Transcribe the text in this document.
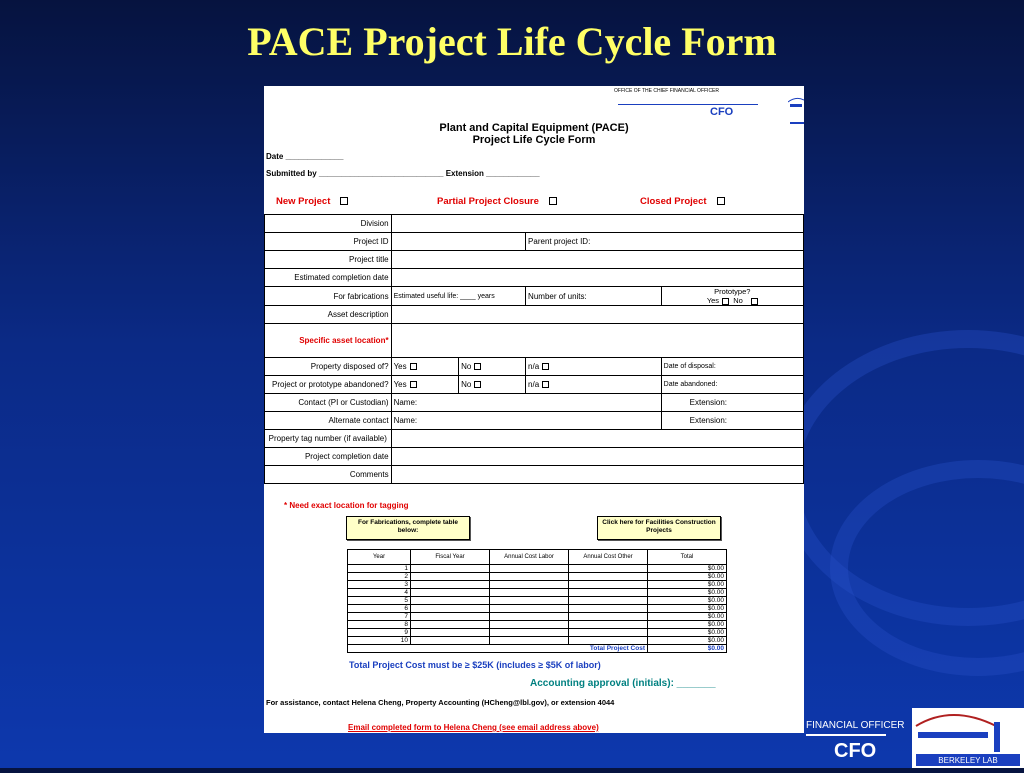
PACE Project Life Cycle Form
OFFICE OF THE CHIEF FINANCIAL OFFICER
CFO
Plant and Capital Equipment (PACE)
Project Life Cycle Form
Date _____________
Submitted by ____________________________ Extension ____________
New Project	Partial Project Closure	Closed Project
Division				
Project ID			Parent project ID:	
Project title				
Estimated completion date				
For fabrications	Estimated useful life: ____ years		Number of units:	Prototype?
Yes No
Asset description				
Specific asset location*				
Property disposed of?	Yes	No	n/a	Date of disposal:
Project or prototype abandoned?	Yes	No	n/a	Date abandoned:
Contact (PI or Custodian)	Name:			Extension:
Alternate contact	Name:			Extension:
Property tag number (if available)				
Project completion date				
Comments				
* Need exact location for tagging
For Fabrications, complete table below:
Click here for Facilities Construction Projects
Year	Fiscal Year	Annual Cost Labor	Annual Cost Other	Total
1				$0.00
2				$0.00
3				$0.00
4				$0.00
5				$0.00
6				$0.00
7				$0.00
8				$0.00
9				$0.00
10				$0.00
Total Project Cost				$0.00
Total Project Cost must be ≥ $25K (includes ≥ $5K of labor)
Accounting approval (initials): _______
For assistance, contact Helena Cheng, Property Accounting (HCheng@lbl.gov), or extension 4044
Email completed form to Helena Cheng (see email address above)	FINANCIAL OFFICER
CFO	BERKELEY LAB
